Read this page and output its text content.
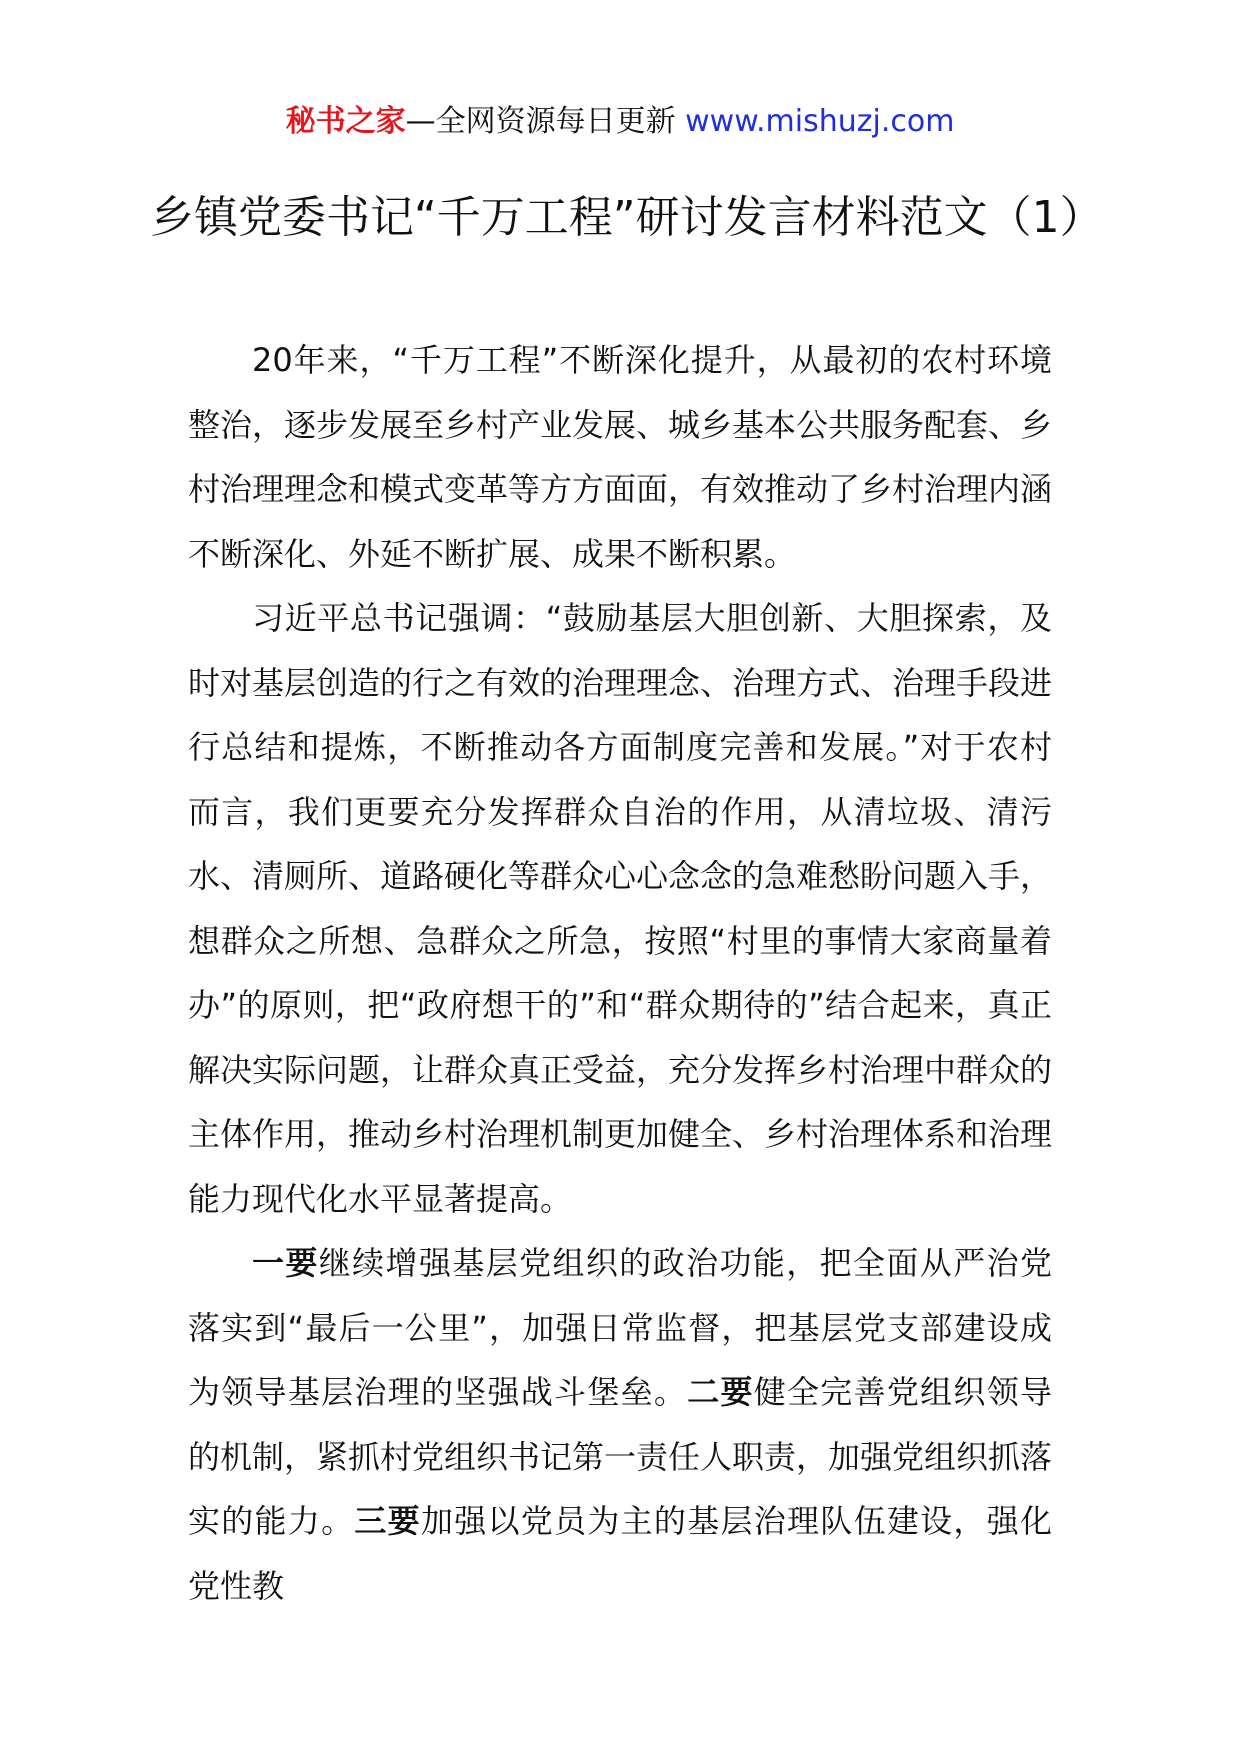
秘书之家—全网资源每日更新 www.mishuzj.com
乡镇党委书记“千万工程”研讨发言材料范文（1）

20年来，“千万工程”不断深化提升，从最初的农村环境整治，逐步发展至乡村产业发展、城乡基本公共服务配套、乡村治理理念和模式变革等方方面面，有效推动了乡村治理内涵不断深化、外延不断扩展、成果不断积累。

习近平总书记强调：“鼓励基层大胆创新、大胆探索，及时对基层创造的行之有效的治理理念、治理方式、治理手段进行总结和提炼，不断推动各方面制度完善和发展。”对于农村而言，我们更要充分发挥群众自治的作用，从清垃圾、清污水、清厕所、道路硬化等群众心心念念的急难愁盼问题入手，想群众之所想、急群众之所急，按照“村里的事情大家商量着办”的原则，把“政府想干的”和“群众期待的”结合起来，真正解决实际问题，让群众真正受益，充分发挥乡村治理中群众的主体作用，推动乡村治理机制更加健全、乡村治理体系和治理能力现代化水平显著提高。

一要继续增强基层党组织的政治功能，把全面从严治党落实到“最后一公里”，加强日常监督，把基层党支部建设成为领导基层治理的坚强战斗堡垒。二要健全完善党组织领导的机制，紧抓村党组织书记第一责任人职责，加强党组织抓落实的能力。三要加强以党员为主的基层治理队伍建设，强化党性教
